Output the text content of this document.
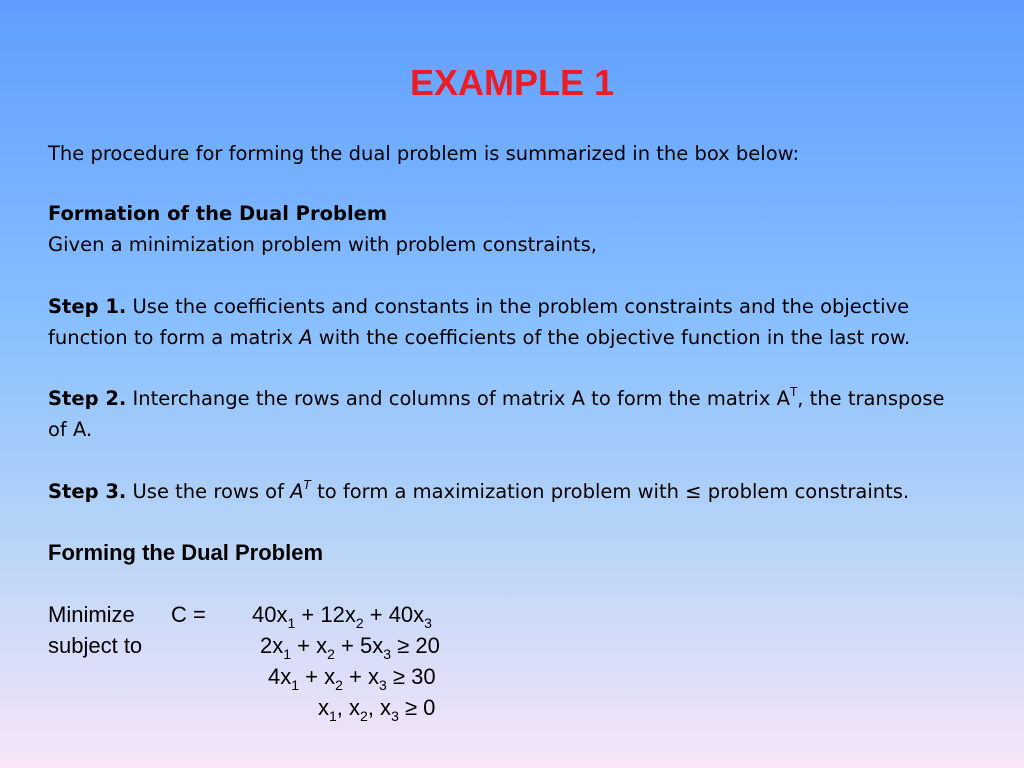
EXAMPLE 1
The procedure for forming the dual problem is summarized in the box below:
Formation of the Dual Problem
Given a minimization problem with problem constraints,
Step 1. Use the coefficients and constants in the problem constraints and the objective
function to form a matrix A with the coefficients of the objective function in the last row.
Step 2. Interchange the rows and columns of matrix A to form the matrix $A^T$, the transpose
of A.
Step 3. Use the rows of $A^T$ to form a maximization problem with ≤ problem constraints.
Forming the Dual Problem
Minimize $C = 40x_1 + 12x_2 + 40x_3$
subject to	$2x_1 + x_2 + 5x_3 \ge 20$
$4x_1 + x_2 + x_3 \ge 30$
$x_1$, $x_2$, $x_3 \ge 0$
